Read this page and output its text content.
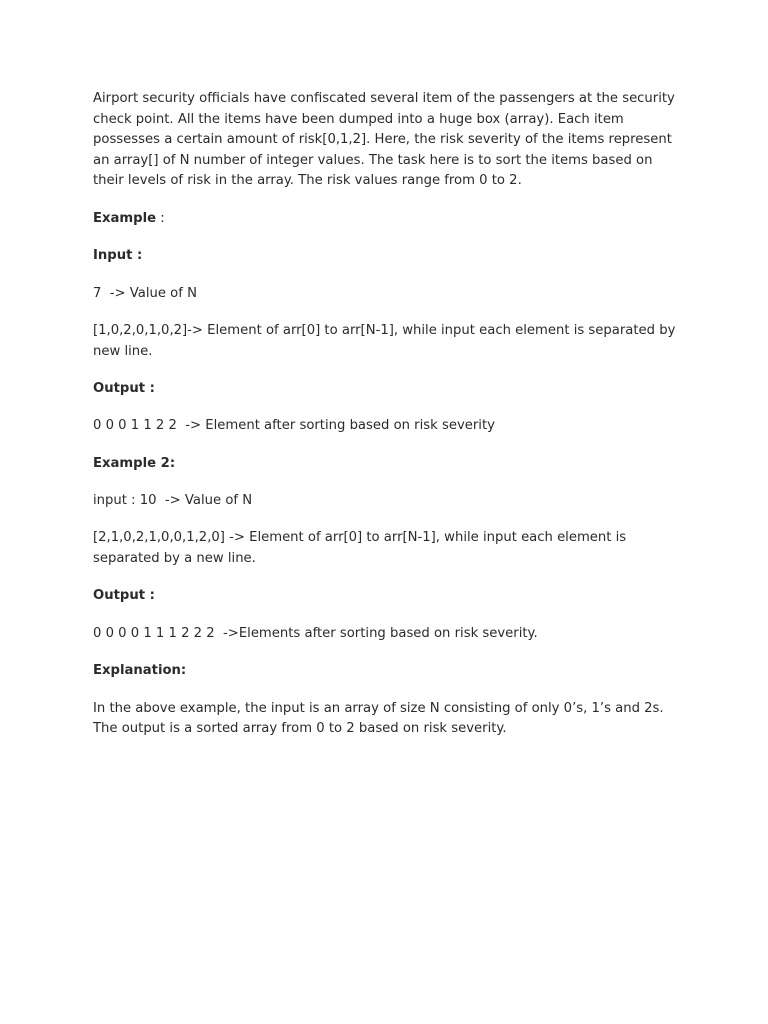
Airport security officials have confiscated several item of the passengers at the security check point. All the items have been dumped into a huge box (array). Each item possesses a certain amount of risk[0,1,2]. Here, the risk severity of the items represent an array[] of N number of integer values. The task here is to sort the items based on their levels of risk in the array. The risk values range from 0 to 2.

Example :

Input :

7  -> Value of N

[1,0,2,0,1,0,2]-> Element of arr[0] to arr[N-1], while input each element is separated by new line.

Output :

0 0 0 1 1 2 2  -> Element after sorting based on risk severity

Example 2:

input : 10  -> Value of N

[2,1,0,2,1,0,0,1,2,0] -> Element of arr[0] to arr[N-1], while input each element is separated by a new line.

Output :

0 0 0 0 1 1 1 2 2 2  ->Elements after sorting based on risk severity.

Explanation:

In the above example, the input is an array of size N consisting of only 0’s, 1’s and 2s. The output is a sorted array from 0 to 2 based on risk severity.
